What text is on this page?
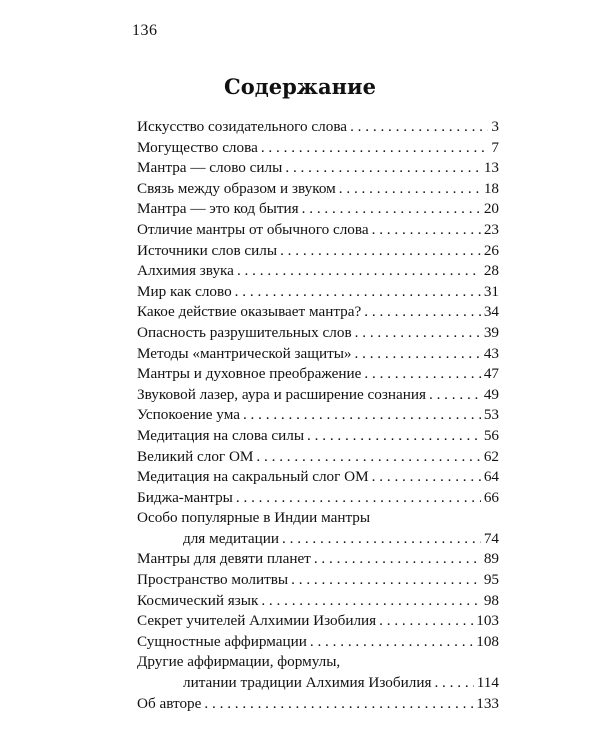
136
Содержание
Искусство созидательного слова . . .	3
Могущество слова . . .	7
Мантра — слово силы . . .	13
Связь между образом и звуком . . .	18
Мантра — это код бытия . . .	20
Отличие мантры от обычного слова . . .	23
Источники слов силы . . .	26
Алхимия звука . . .	28
Мир как слово . . .	31
Какое действие оказывает мантра? . . .	34
Опасность разрушительных слов . . .	39
Методы «мантрической защиты» . . .	43
Мантры и духовное преображение . . .	47
Звуковой лазер, аура и расширение сознания . . .	49
Успокоение ума . . .	53
Медитация на слова силы . . .	56
Великий слог ОМ . . .	62
Медитация на сакральный слог ОМ . . .	64
Биджа-мантры . . .	66
Особо популярные в Индии мантры
для медитации . . .	74
Мантры для девяти планет . . .	89
Пространство молитвы . . .	95
Космический язык . . .	98
Секрет учителей Алхимии Изобилия . . .	103
Сущностные аффирмации . . .	108
Другие аффирмации, формулы,
литании традиции Алхимия Изобилия . . .	114
Об авторе . . .	133
